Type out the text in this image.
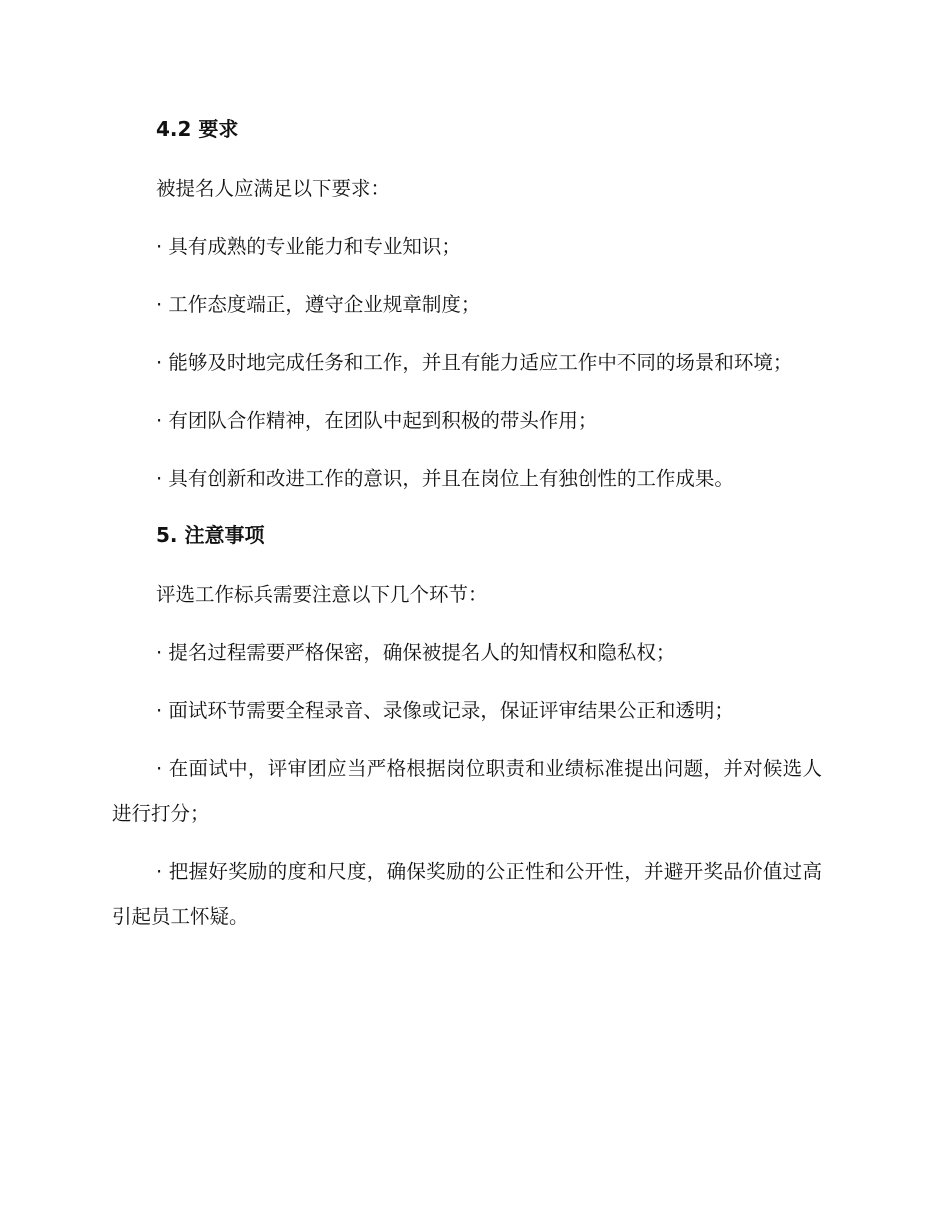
4.2 要求

被提名人应满足以下要求：

· 具有成熟的专业能力和专业知识；

· 工作态度端正，遵守企业规章制度；

· 能够及时地完成任务和工作，并且有能力适应工作中不同的场景和环境；

· 有团队合作精神，在团队中起到积极的带头作用；

· 具有创新和改进工作的意识，并且在岗位上有独创性的工作成果。

5. 注意事项

评选工作标兵需要注意以下几个环节：

· 提名过程需要严格保密，确保被提名人的知情权和隐私权；

· 面试环节需要全程录音、录像或记录，保证评审结果公正和透明；

· 在面试中，评审团应当严格根据岗位职责和业绩标准提出问题，并对候选人进行打分；

· 把握好奖励的度和尺度，确保奖励的公正性和公开性，并避开奖品价值过高引起员工怀疑。
